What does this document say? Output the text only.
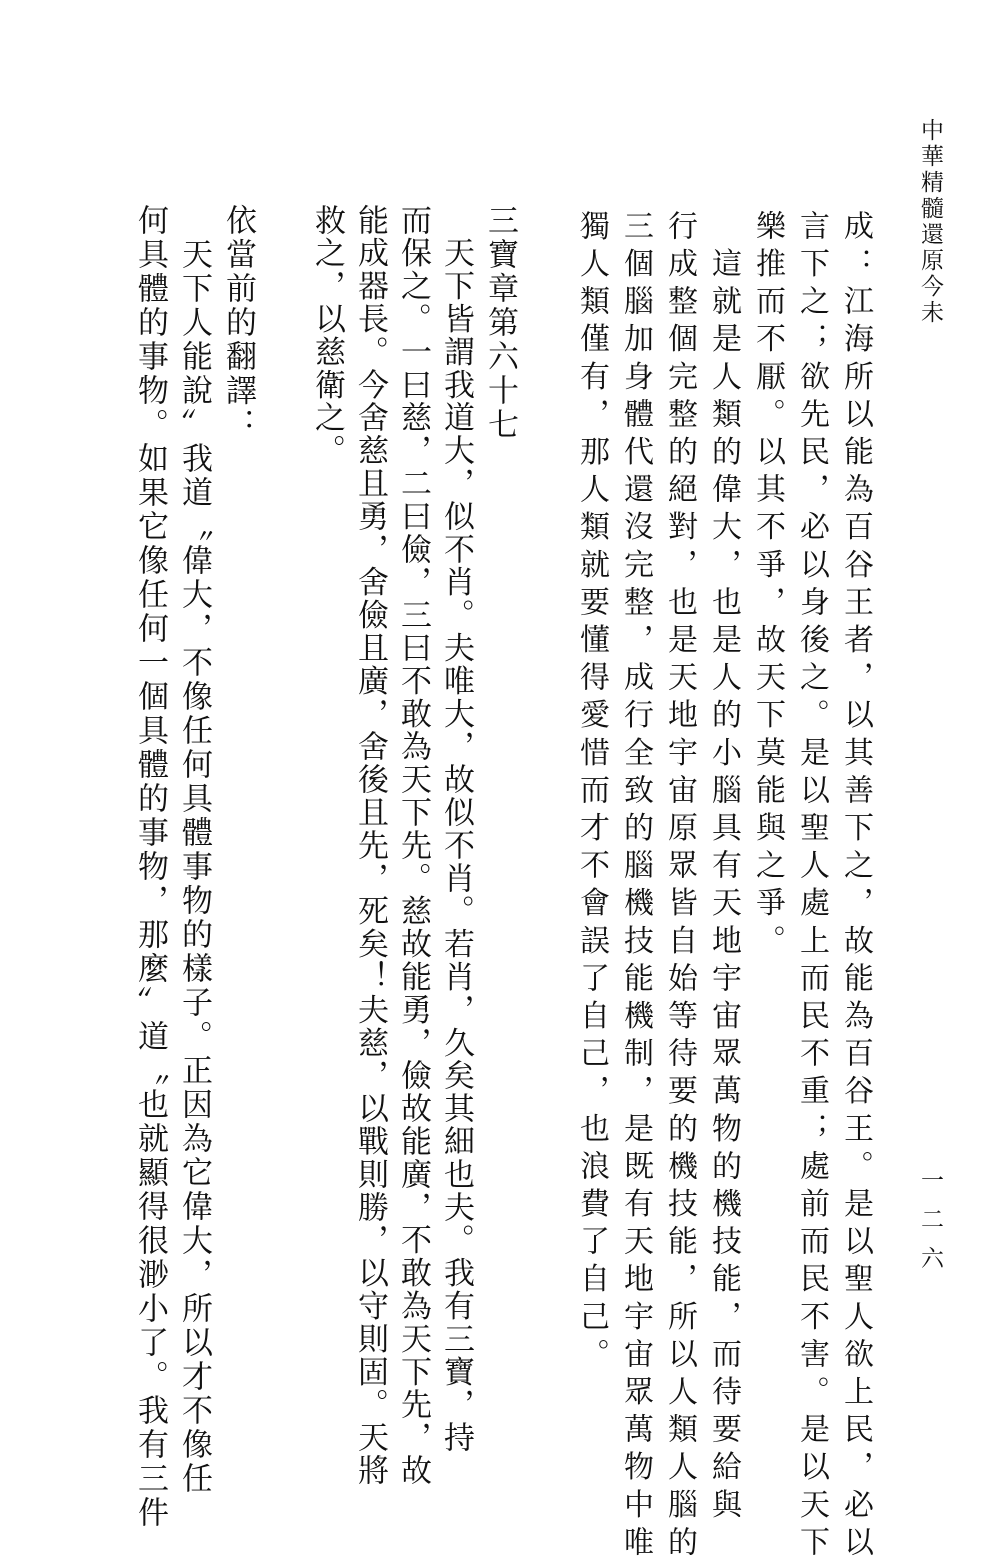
中華精髓還原今未
一二六
成：江海所以能為百谷王者，以其善下之，故能為百谷王。是以聖人欲上民，必以
言下之；欲先民，必以身後之。是以聖人處上而民不重；處前而民不害。是以天下
樂推而不厭。以其不爭，故天下莫能與之爭。
　這就是人類的偉大，也是人的小腦具有天地宇宙眾萬物的機技能，而待要給與
行成整個完整的絕對，也是天地宇宙原眾皆自始等待要的機技能，所以人類人腦的
三個腦加身體代還沒完整，成行全致的腦機技能機制，是既有天地宇宙眾萬物中唯
獨人類僅有，那人類就要懂得愛惜而才不會誤了自己，也浪費了自己。
三寶章第六十七
　天下皆謂我道大，似不肖。夫唯大，故似不肖。若肖，久矣其細也夫。我有三寶，持
而保之。一曰慈，二曰儉，三曰不敢為天下先。慈故能勇，儉故能廣，不敢為天下先，故
能成器長。今舍慈且勇，舍儉且廣，舍後且先，死矣！夫慈，以戰則勝，以守則固。天將
救之，以慈衛之。
依當前的翻譯：
　天下人能說〞我道〝偉大，不像任何具體事物的樣子。正因為它偉大，所以才不像任
何具體的事物。如果它像任何一個具體的事物，那麼〞道〝也就顯得很渺小了。我有三件
